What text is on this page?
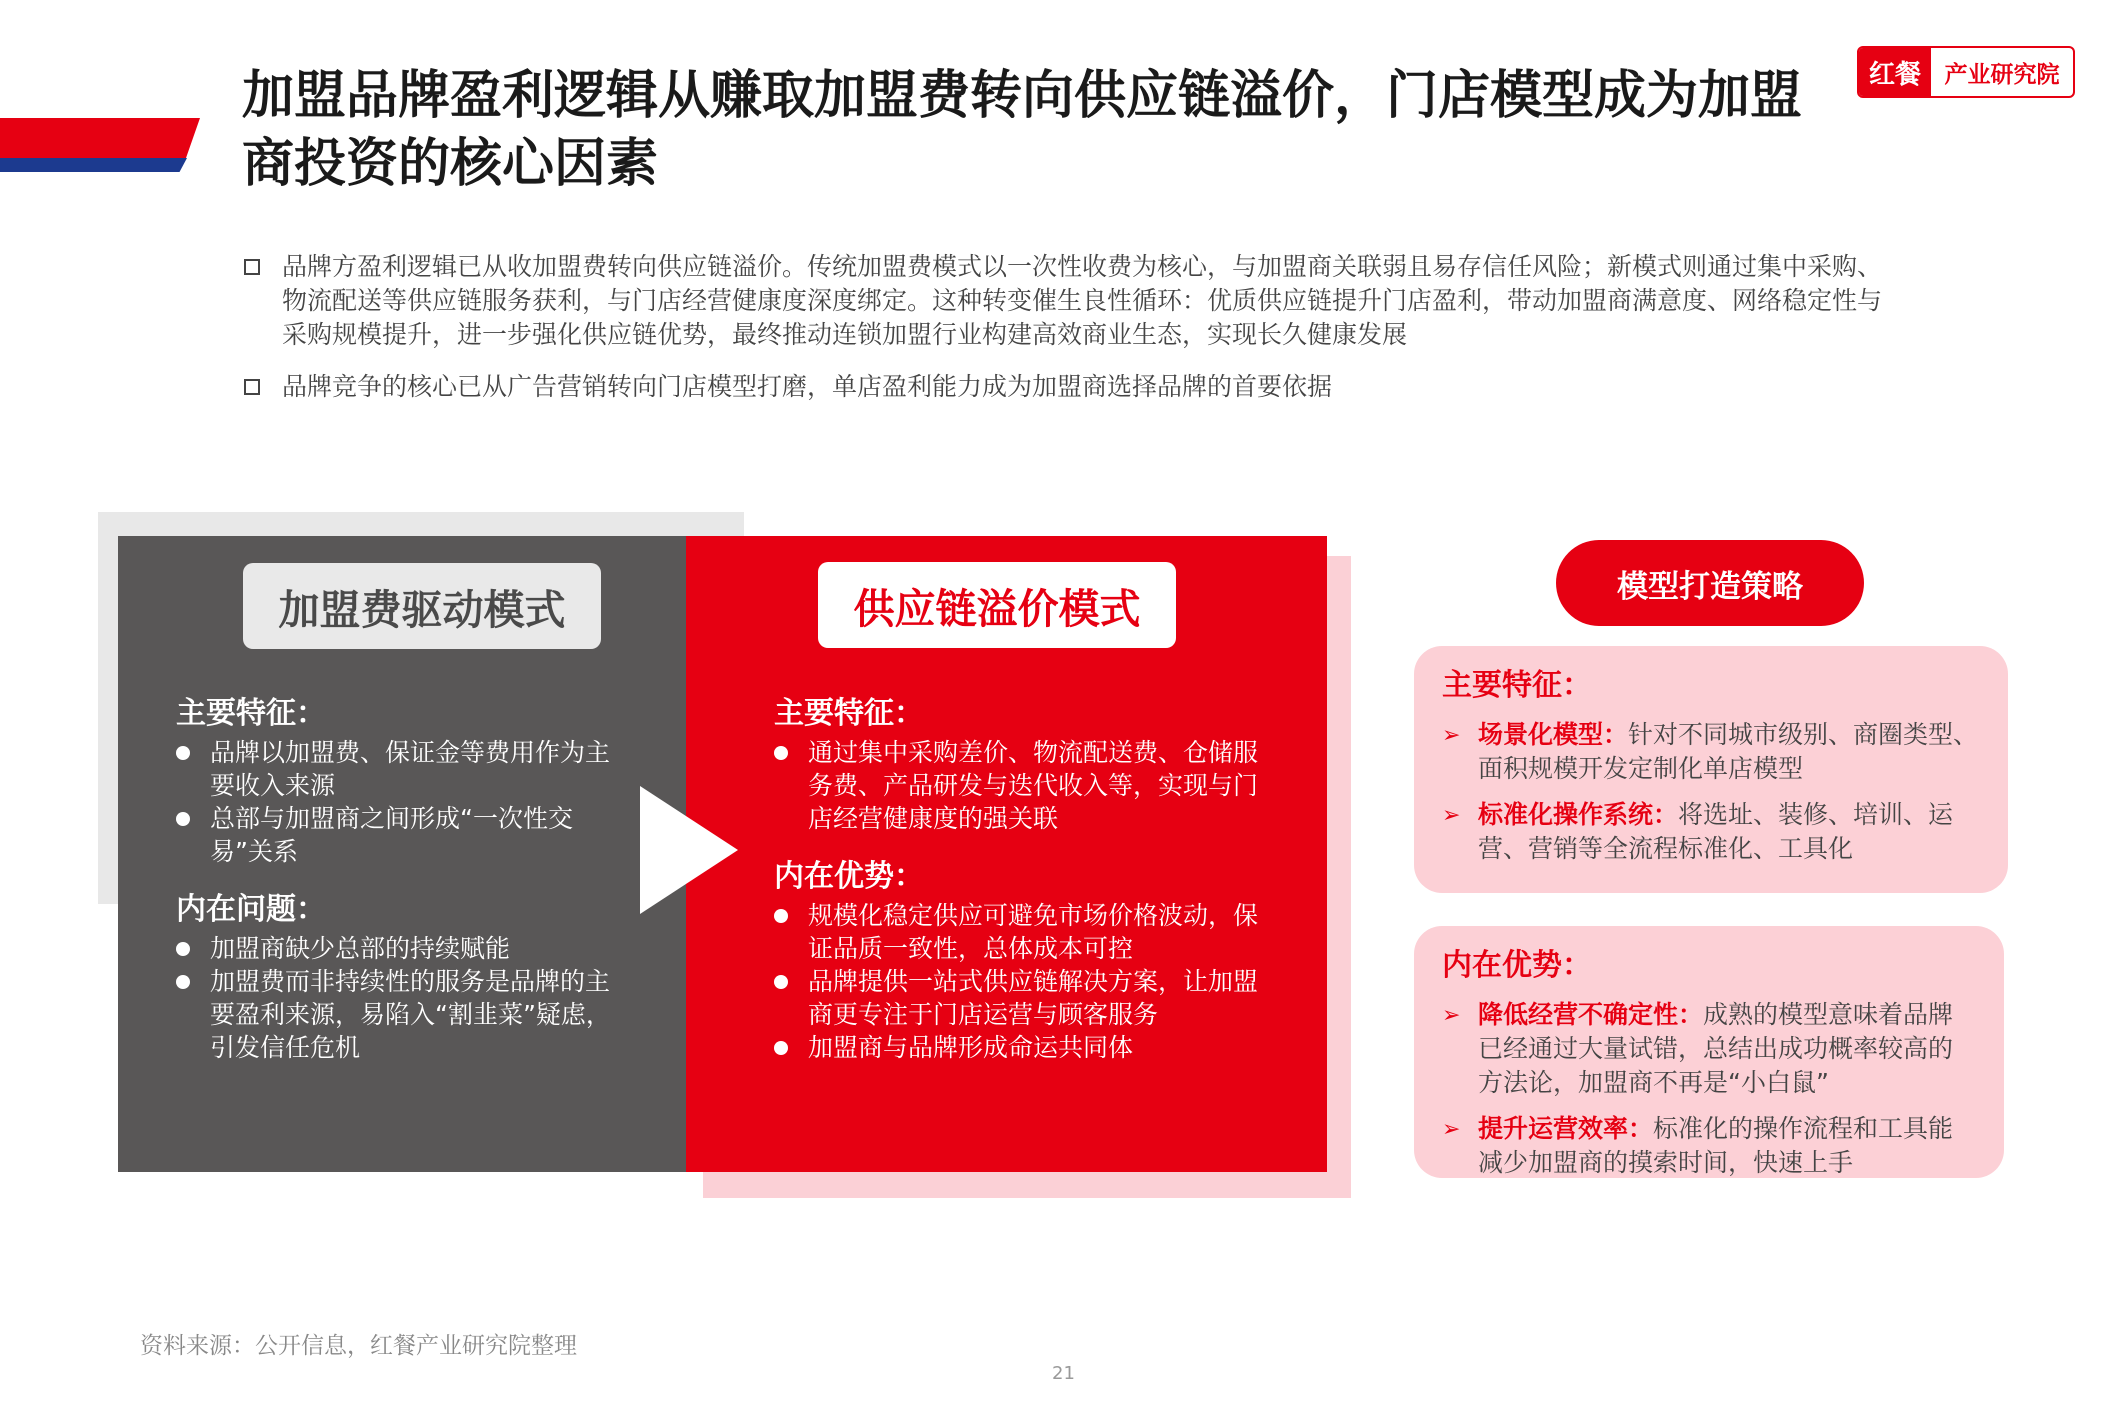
加盟品牌盈利逻辑从赚取加盟费转向供应链溢价，门店模型成为加盟
商投资的核心因素
红餐	产业研究院
品牌方盈利逻辑已从收加盟费转向供应链溢价。传统加盟费模式以一次性收费为核心，与加盟商关联弱且易存信任风险；新模式则通过集中采购、物流配送等供应链服务获利，与门店经营健康度深度绑定。这种转变催生良性循环：优质供应链提升门店盈利，带动加盟商满意度、网络稳定性与采购规模提升，进一步强化供应链优势，最终推动连锁加盟行业构建高效商业生态，实现长久健康发展
品牌竞争的核心已从广告营销转向门店模型打磨，单店盈利能力成为加盟商选择品牌的首要依据
加盟费驱动模式	供应链溢价模式
主要特征：
品牌以加盟费、保证金等费用作为主要收入来源
总部与加盟商之间形成“一次性交易”关系
内在问题：
加盟商缺少总部的持续赋能
加盟费而非持续性的服务是品牌的主要盈利来源，易陷入“割韭菜”疑虑，引发信任危机
主要特征：
通过集中采购差价、物流配送费、仓储服务费、产品研发与迭代收入等，实现与门店经营健康度的强关联
内在优势：
规模化稳定供应可避免市场价格波动，保证品质一致性，总体成本可控
品牌提供一站式供应链解决方案，让加盟商更专注于门店运营与顾客服务
加盟商与品牌形成命运共同体
模型打造策略
主要特征：
➢ 场景化模型：针对不同城市级别、商圈类型、面积规模开发定制化单店模型
➢ 标准化操作系统：将选址、装修、培训、运营、营销等全流程标准化、工具化
内在优势：
➢ 降低经营不确定性：成熟的模型意味着品牌已经通过大量试错，总结出成功概率较高的方法论，加盟商不再是“小白鼠”
➢ 提升运营效率：标准化的操作流程和工具能减少加盟商的摸索时间，快速上手
资料来源：公开信息，红餐产业研究院整理
21
